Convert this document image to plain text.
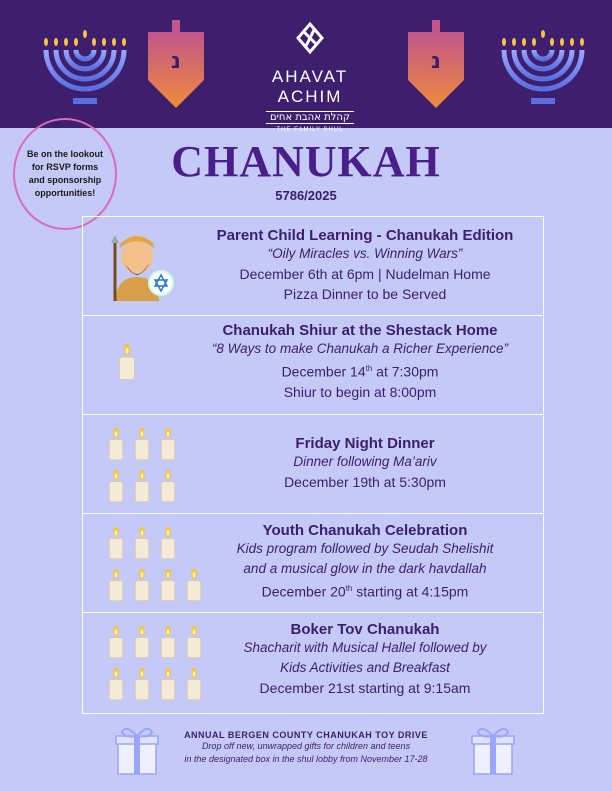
נ
AHAVAT ACHIM
קהלת אהבת אחים
THE FAMILY SHUL
נ
Be on the lookout for RSVP forms and sponsorship opportunities!
CHANUKAH
5786/2025
Parent Child Learning - Chanukah Edition
“Oily Miracles vs. Winning Wars”
December 6th at 6pm | Nudelman Home
Pizza Dinner to be Served
Chanukah Shiur at the Shestack Home
“8 Ways to make Chanukah a Richer Experience”
December 14th at 7:30pm
Shiur to begin at 8:00pm
Friday Night Dinner
Dinner following Ma’ariv
December 19th at 5:30pm
Youth Chanukah Celebration
Kids program followed by Seudah Shelishit
and a musical glow in the dark havdallah
December 20th starting at 4:15pm
Boker Tov Chanukah
Shacharit with Musical Hallel followed by
Kids Activities and Breakfast
December 21st starting at 9:15am
ANNUAL BERGEN COUNTY CHANUKAH TOY DRIVE
Drop off new, unwrapped gifts for children and teens
in the designated box in the shul lobby from November 17-28
